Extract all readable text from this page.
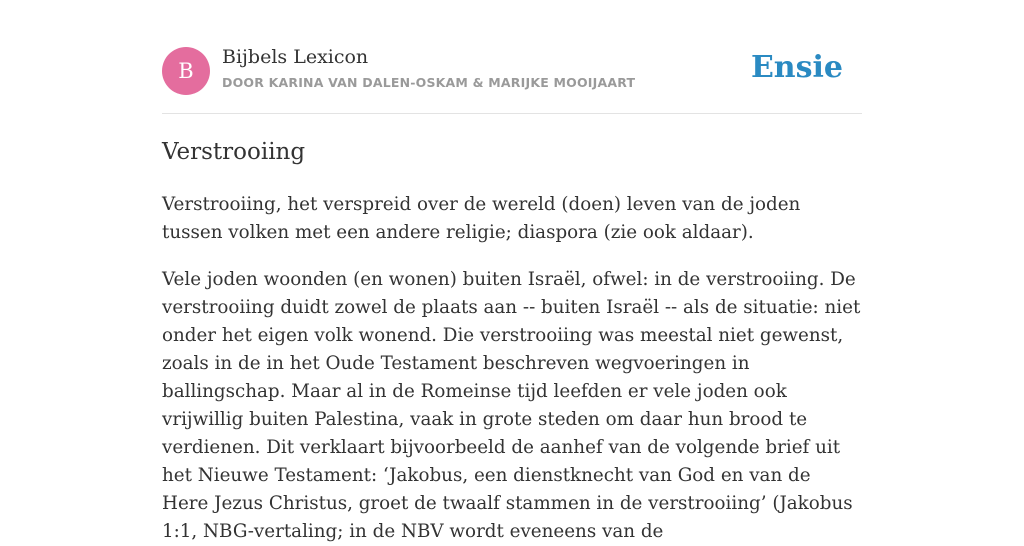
B
Bijbels Lexicon
DOOR KARINA VAN DALEN-OSKAM & MARIJKE MOOIJAART	Ensie
Verstrooiing

Verstrooiing, het verspreid over de wereld (doen) leven van de joden tussen volken met een andere religie; diaspora (zie ook aldaar).

Vele joden woonden (en wonen) buiten Israël, ofwel: in de verstrooiing. De verstrooiing duidt zowel de plaats aan -- buiten Israël -- als de situatie: niet onder het eigen volk wonend. Die verstrooiing was meestal niet gewenst, zoals in de in het Oude Testament beschreven wegvoeringen in ballingschap. Maar al in de Romeinse tijd leefden er vele joden ook vrijwillig buiten Palestina, vaak in grote steden om daar hun brood te verdienen. Dit verklaart bijvoorbeeld de aanhef van de volgende brief uit het Nieuwe Testament: ‘Jakobus, een dienstknecht van God en van de Here Jezus Christus, groet de twaalf stammen in de verstrooiing’ (Jakobus 1:1, NBG-vertaling; in de NBV wordt eveneens van de
